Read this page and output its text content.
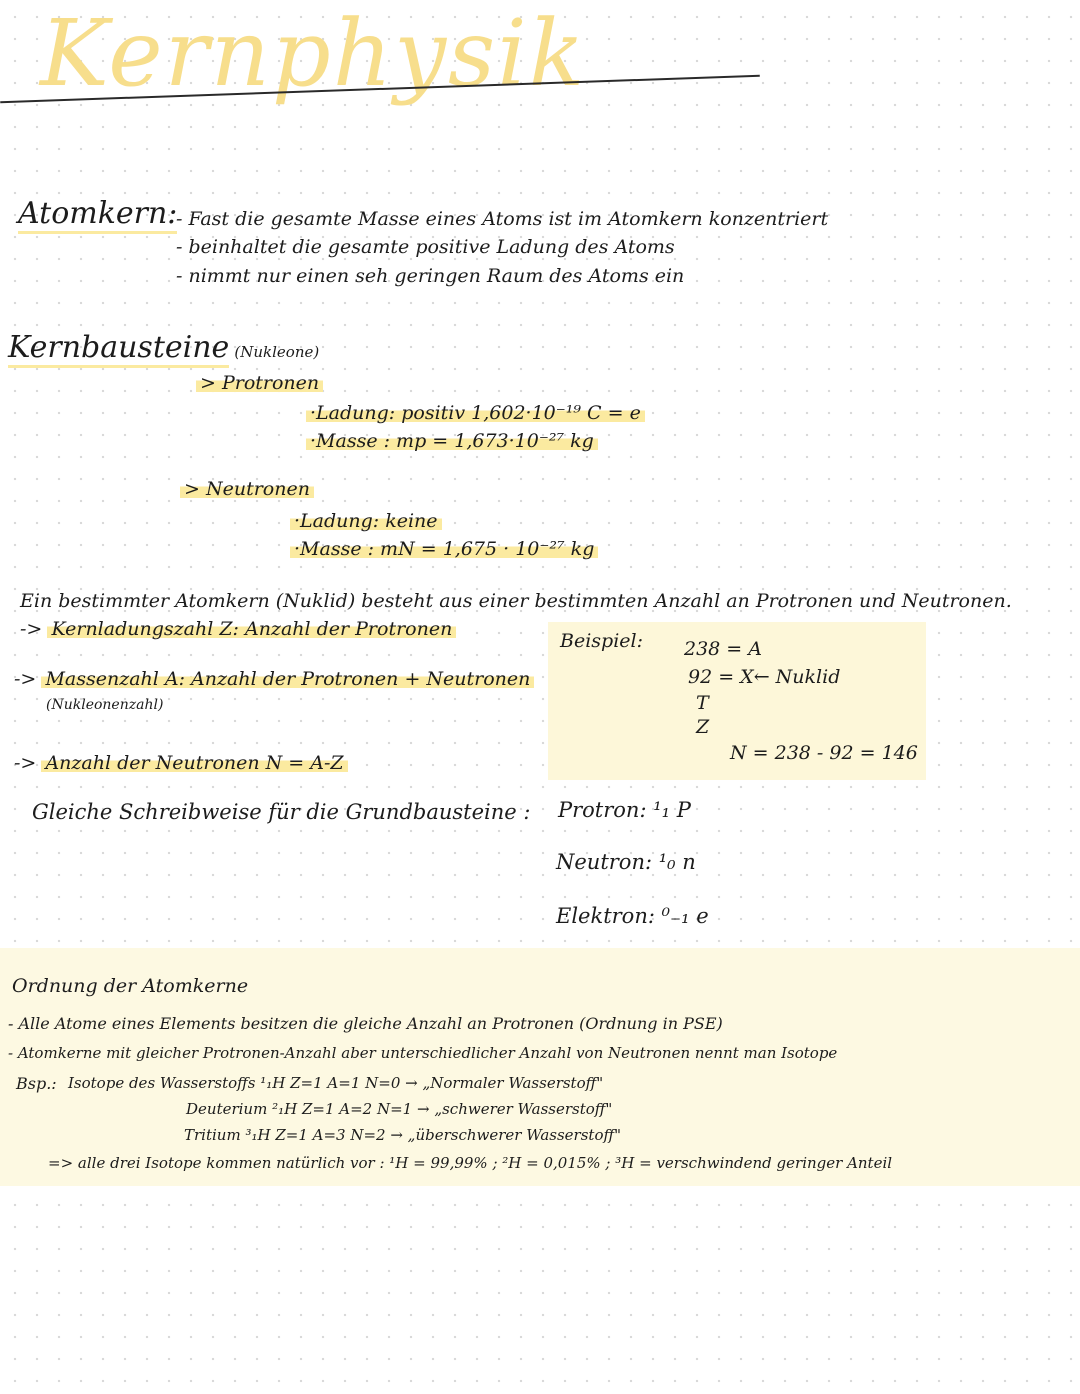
Kernphysik
Atomkern:
- Fast die gesamte Masse eines Atoms ist im Atomkern konzentriert
- beinhaltet die gesamte positive Ladung des Atoms
- nimmt nur einen seh geringen Raum des Atoms ein
Kernbausteine (Nukleone)
> Protronen
·Ladung: positiv 1,602·10⁻¹⁹ C = e
·Masse : mp = 1,673·10⁻²⁷ kg
> Neutronen
·Ladung: keine
·Masse : mN = 1,675 · 10⁻²⁷ kg
Ein bestimmter Atomkern (Nuklid) besteht aus einer bestimmten Anzahl an Protronen und Neutronen.
-> Kernladungszahl Z: Anzahl der Protronen
-> Massenzahl A: Anzahl der Protronen + Neutronen
(Nukleonenzahl)
-> Anzahl der Neutronen N = A-Z
Beispiel: 238 = A
92 = X← Nuklid
T
Z
N = 238 - 92 = 146
Gleiche Schreibweise für die Grundbausteine : Protron: ¹₁ P
Neutron: ¹₀ n
Elektron: ⁰₋₁ e
Ordnung der Atomkerne
- Alle Atome eines Elements besitzen die gleiche Anzahl an Protronen (Ordnung in PSE)
- Atomkerne mit gleicher Protronen-Anzahl aber unterschiedlicher Anzahl von Neutronen nennt man Isotope
Bsp.: Isotope des Wasserstoffs ¹₁H Z=1 A=1 N=0 → „Normaler Wasserstoff"
Deuterium ²₁H Z=1 A=2 N=1 → „schwerer Wasserstoff"
Tritium ³₁H Z=1 A=3 N=2 → „überschwerer Wasserstoff"
=> alle drei Isotope kommen natürlich vor : ¹H = 99,99% ; ²H = 0,015% ; ³H = verschwindend geringer Anteil
